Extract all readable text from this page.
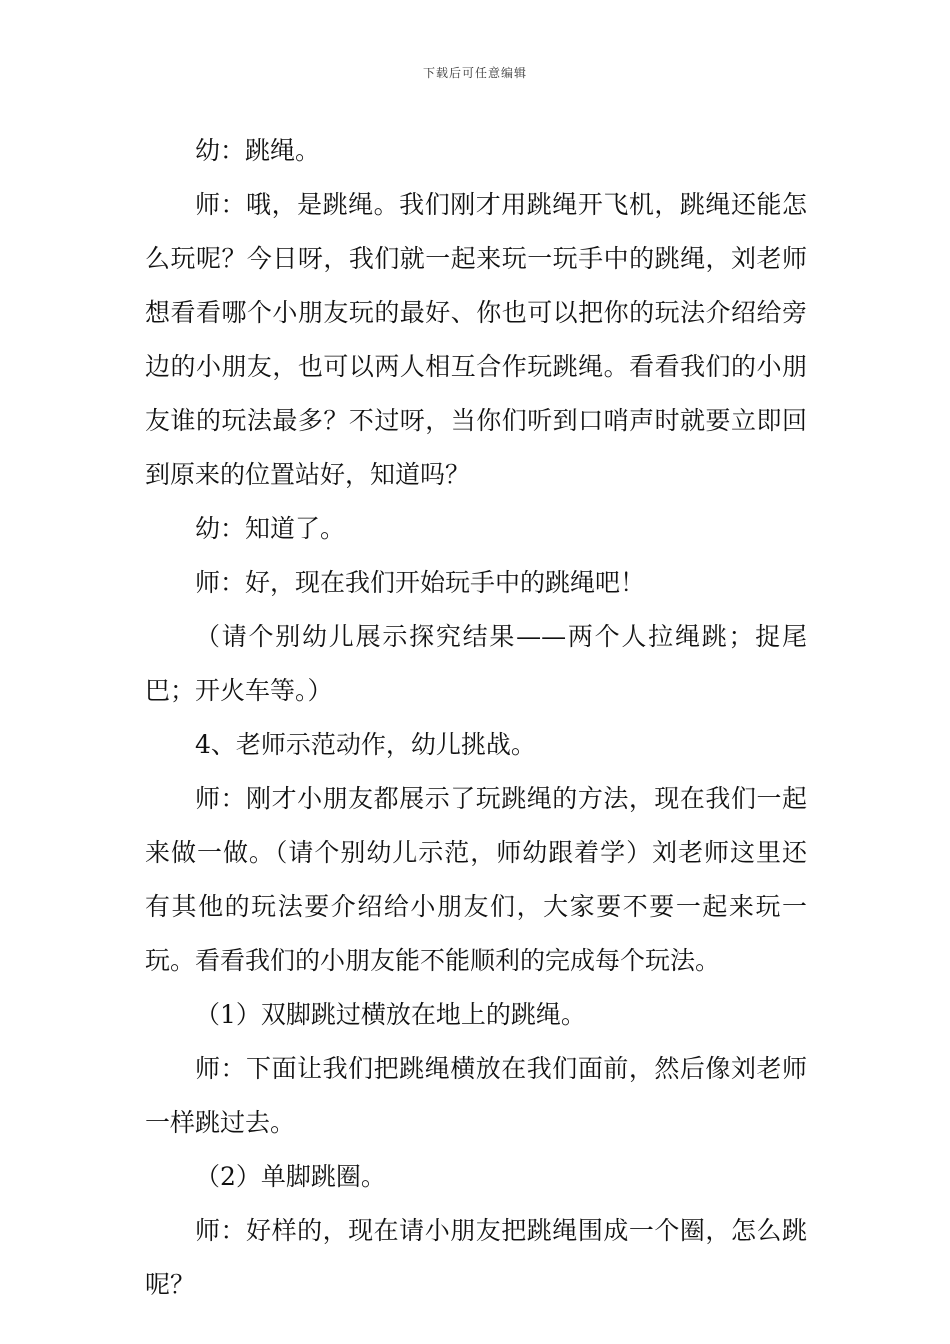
下载后可任意编辑

幼：跳绳。

师：哦，是跳绳。我们刚才用跳绳开飞机，跳绳还能怎么玩呢？今日呀，我们就一起来玩一玩手中的跳绳，刘老师想看看哪个小朋友玩的最好、你也可以把你的玩法介绍给旁边的小朋友，也可以两人相互合作玩跳绳。看看我们的小朋友谁的玩法最多？不过呀，当你们听到口哨声时就要立即回到原来的位置站好，知道吗？

幼：知道了。

师：好，现在我们开始玩手中的跳绳吧！

（请个别幼儿展示探究结果——两个人拉绳跳；捉尾巴；开火车等。）

4、老师示范动作，幼儿挑战。

师：刚才小朋友都展示了玩跳绳的方法，现在我们一起来做一做。（请个别幼儿示范，师幼跟着学）刘老师这里还有其他的玩法要介绍给小朋友们，大家要不要一起来玩一玩。看看我们的小朋友能不能顺利的完成每个玩法。

（1）双脚跳过横放在地上的跳绳。

师：下面让我们把跳绳横放在我们面前，然后像刘老师一样跳过去。

（2）单脚跳圈。

师：好样的，现在请小朋友把跳绳围成一个圈，怎么跳呢？
